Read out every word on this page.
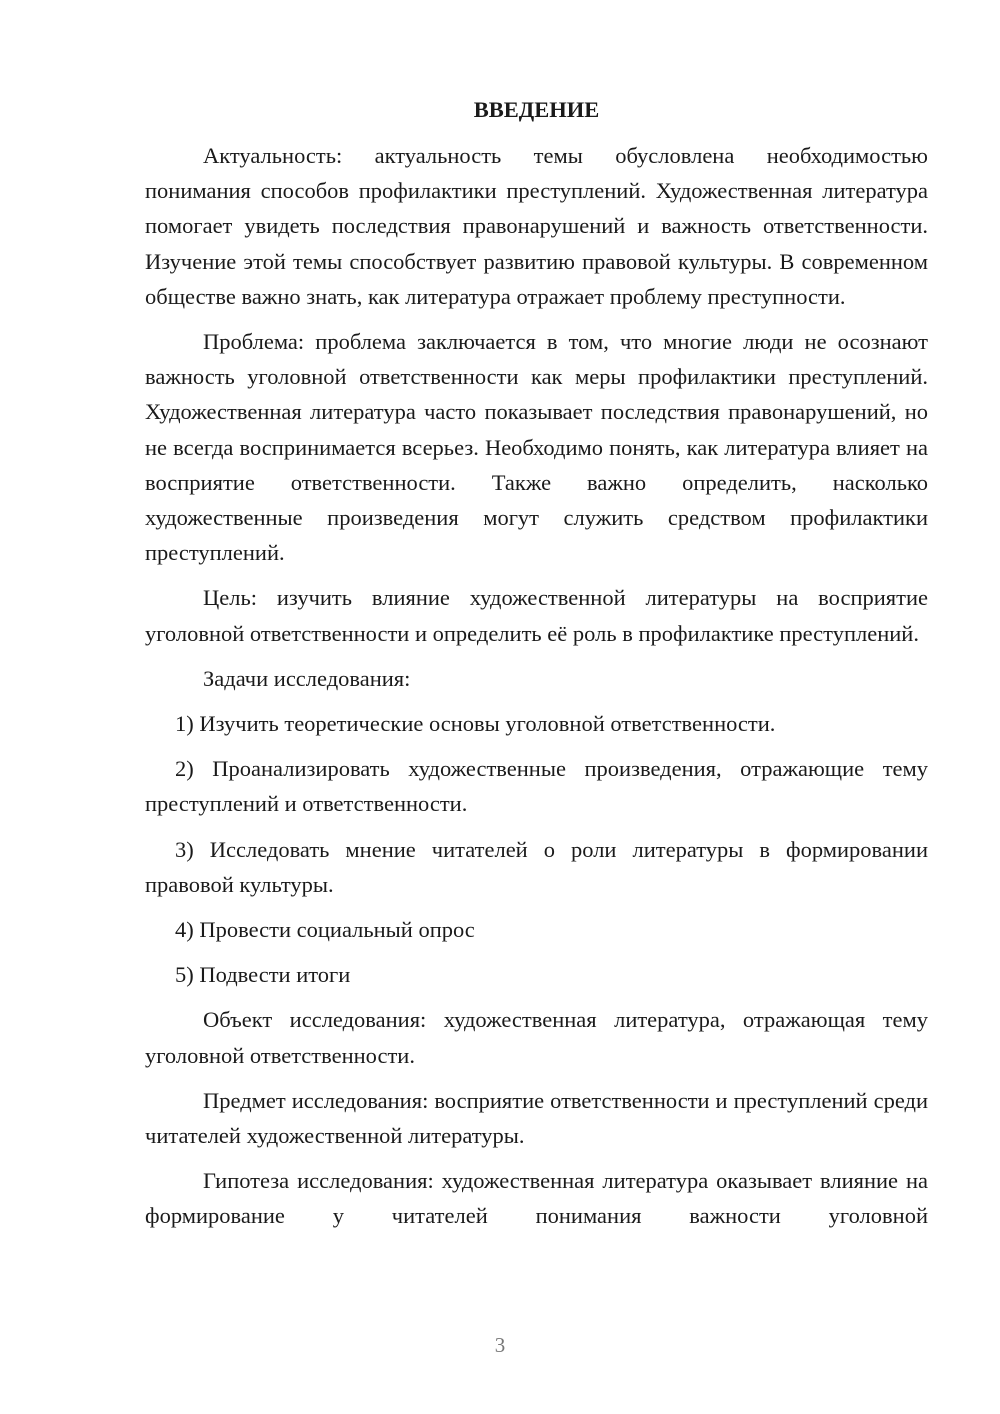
ВВЕДЕНИЕ

Актуальность: актуальность темы обусловлена необходимостью понимания способов профилактики преступлений. Художественная литература помогает увидеть последствия правонарушений и важность ответственности. Изучение этой темы способствует развитию правовой культуры. В современном обществе важно знать, как литература отражает проблему преступности.

Проблема: проблема заключается в том, что многие люди не осознают важность уголовной ответственности как меры профилактики преступлений. Художественная литература часто показывает последствия правонарушений, но не всегда воспринимается всерьез. Необходимо понять, как литература влияет на восприятие ответственности. Также важно определить, насколько художественные произведения могут служить средством профилактики преступлений.

Цель: изучить влияние художественной литературы на восприятие уголовной ответственности и определить её роль в профилактике преступлений.

Задачи исследования:

1) Изучить теоретические основы уголовной ответственности.

2) Проанализировать художественные произведения, отражающие тему преступлений и ответственности.

3) Исследовать мнение читателей о роли литературы в формировании правовой культуры.

4) Провести социальный опрос

5) Подвести итоги

Объект исследования: художественная литература, отражающая тему уголовной ответственности.

Предмет исследования: восприятие ответственности и преступлений среди читателей художественной литературы.

Гипотеза исследования: художественная литература оказывает влияние на формирование у читателей понимания важности уголовной

3
